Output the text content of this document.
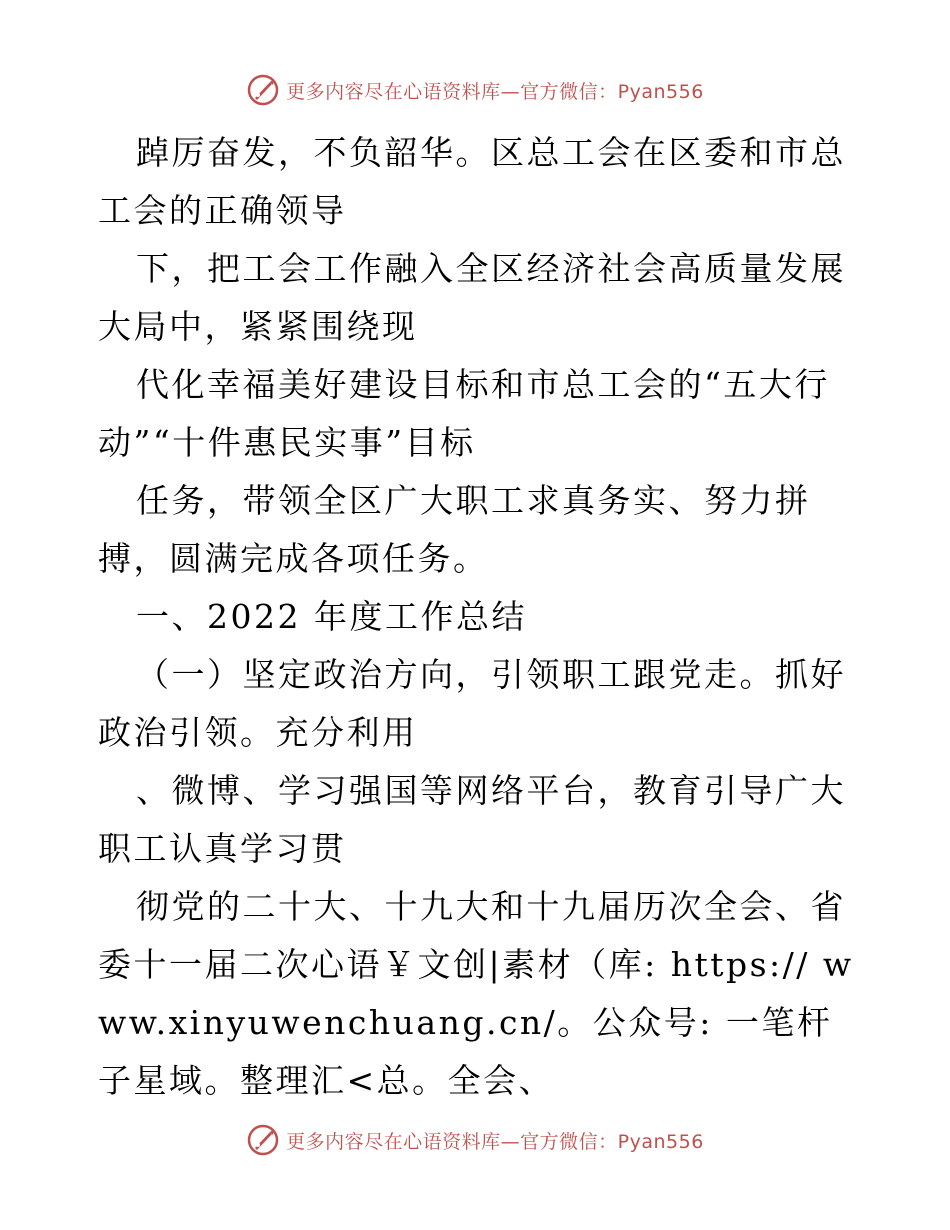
更多内容尽在心语资料库—官方微信：Pyan556

踔厉奋发，不负韶华。区总工会在区委和市总工会的正确领导

下，把工会工作融入全区经济社会高质量发展大局中，紧紧围绕现

代化幸福美好建设目标和市总工会的“五大行动”“十件惠民实事”目标

任务，带领全区广大职工求真务实、努力拼搏，圆满完成各项任务。

一、2022 年度工作总结

（一）坚定政治方向，引领职工跟党走。抓好政治引领。充分利用

、微博、学习强国等网络平台，教育引导广大职工认真学习贯

彻党的二十大、十九大和十九届历次全会、省委十一届二次心语￥文创|素材（库: https:// www.xinyuwenchuang.cn/。公众号: 一笔杆子星域。整理汇<总。全会、

更多内容尽在心语资料库—官方微信：Pyan556
